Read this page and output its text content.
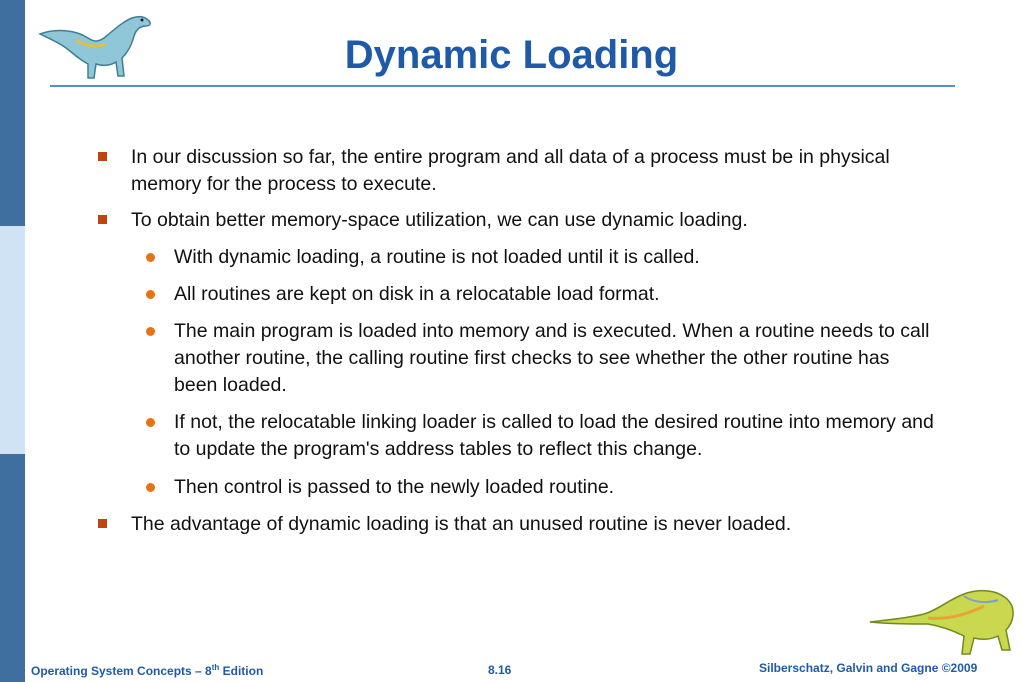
Dynamic Loading
In our discussion so far, the entire program and all data of a process must be in physical memory for the process to execute.
To obtain better memory-space utilization, we can use dynamic loading.
With dynamic loading, a routine is not loaded until it is called.
All routines are kept on disk in a relocatable load format.
The main program is loaded into memory and is executed. When a routine needs to call another routine, the calling routine first checks to see whether the other routine has been loaded.
If not, the relocatable linking loader is called to load the desired routine into memory and to update the program's address tables to reflect this change.
Then control is passed to the newly loaded routine.
The advantage of dynamic loading is that an unused routine is never loaded.
Operating System Concepts – 8th Edition	8.16	Silberschatz, Galvin and Gagne ©2009
